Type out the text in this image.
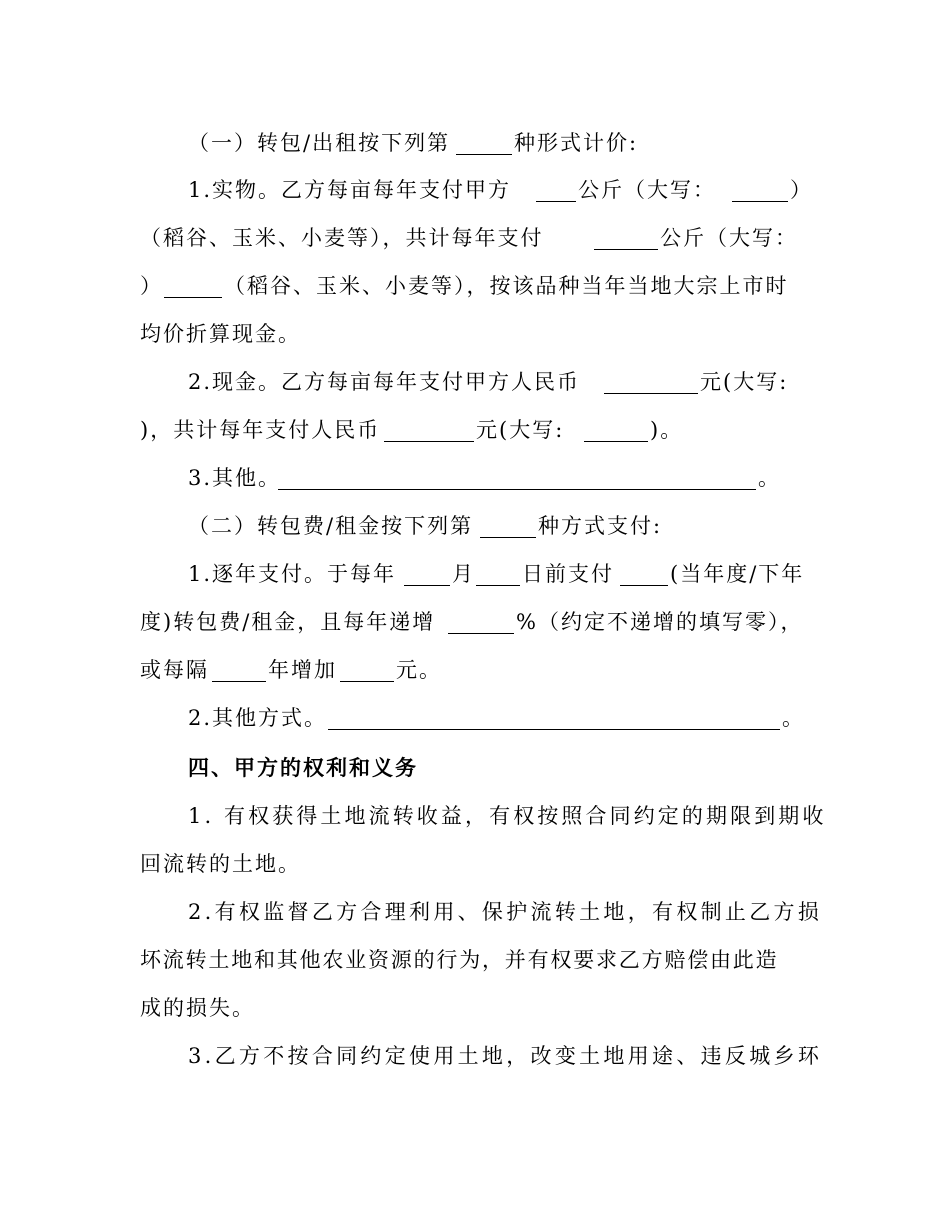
（一）转包/出租按下列第	种形式计价:
1.实物。乙方每亩每年支付甲方	公斤（大写：	）
（稻谷、玉米、小麦等），共计每年支付	公斤（大写：
）	（稻谷、玉米、小麦等），按该品种当年当地大宗上市时
均价折算现金。
2.现金。乙方每亩每年支付甲方人民币	元(大写:
)，共计每年支付人民币	元(大写:	)。
3.其他。	。
（二）转包费/租金按下列第	种方式支付:
1.逐年支付。于每年	月 日前支付	(当年度/下年
度)转包费/租金，且每年递增	%（约定不递增的填写零），
或每隔	年增加	元。
2.其他方式。	。
四、甲方的权利和义务
1. 有权获得土地流转收益，有权按照合同约定的期限到期收
回流转的土地。
2.有权监督乙方合理利用、保护流转土地，有权制止乙方损
坏流转土地和其他农业资源的行为，并有权要求乙方赔偿由此造
成的损失。
3.乙方不按合同约定使用土地，改变土地用途、违反城乡环
